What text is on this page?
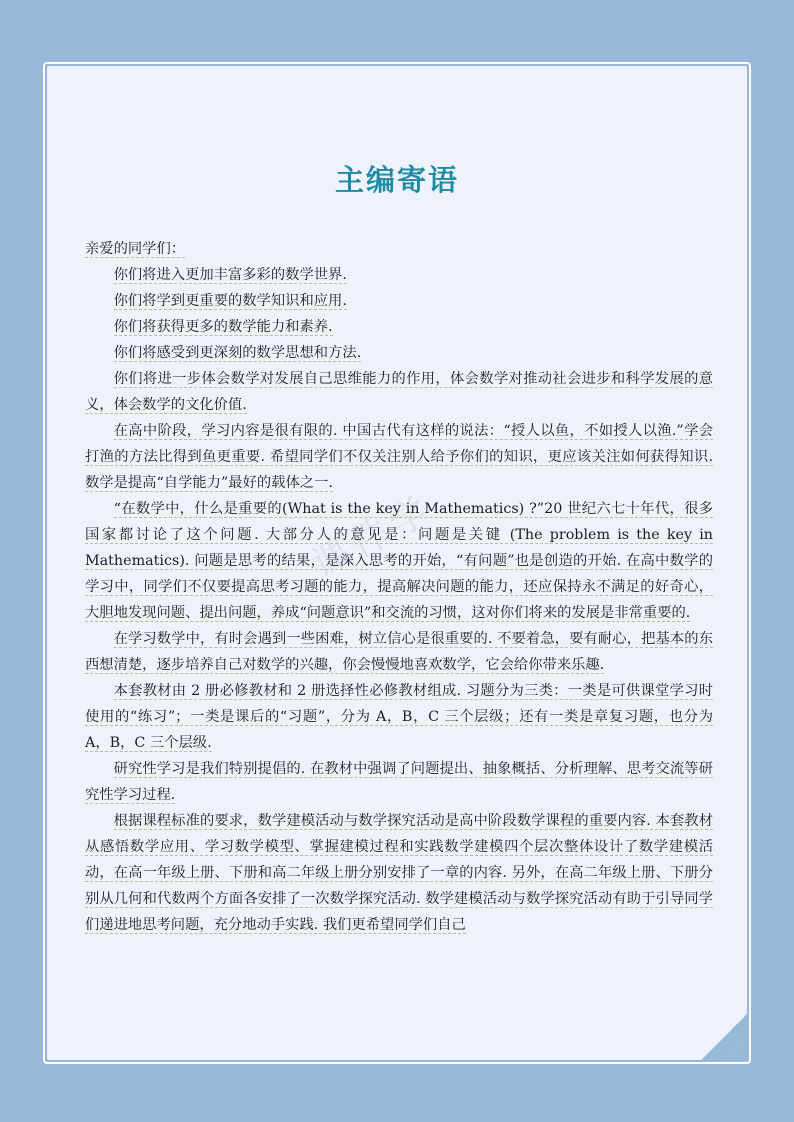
主编寄语

亲爱的同学们：

你们将进入更加丰富多彩的数学世界.

你们将学到更重要的数学知识和应用.

你们将获得更多的数学能力和素养.

你们将感受到更深刻的数学思想和方法.

你们将进一步体会数学对发展自己思维能力的作用，体会数学对推动社会进步和科学发展的意义，体会数学的文化价值.

在高中阶段，学习内容是很有限的. 中国古代有这样的说法：“授人以鱼，不如授人以渔.”学会打渔的方法比得到鱼更重要. 希望同学们不仅关注别人给予你们的知识，更应该关注如何获得知识. 数学是提高“自学能力”最好的载体之一.

“在数学中，什么是重要的(What is the key in Mathematics) ?”20 世纪六七十年代，很多国家都讨论了这个问题. 大部分人的意见是：问题是关键 (The problem is the key in Mathematics). 问题是思考的结果，是深入思考的开始，“有问题”也是创造的开始. 在高中数学的学习中，同学们不仅要提高思考习题的能力，提高解决问题的能力，还应保持永不满足的好奇心，大胆地发现问题、提出问题，养成“问题意识”和交流的习惯，这对你们将来的发展是非常重要的.

在学习数学中，有时会遇到一些困难，树立信心是很重要的. 不要着急，要有耐心，把基本的东西想清楚，逐步培养自己对数学的兴趣，你会慢慢地喜欢数学，它会给你带来乐趣.

本套教材由 2 册必修教材和 2 册选择性必修教材组成. 习题分为三类：一类是可供课堂学习时使用的“练习”；一类是课后的“习题”，分为 A，B，C 三个层级；还有一类是章复习题，也分为 A，B，C 三个层级.

研究性学习是我们特别提倡的. 在教材中强调了问题提出、抽象概括、分析理解、思考交流等研究性学习过程.

根据课程标准的要求，数学建模活动与数学探究活动是高中阶段数学课程的重要内容. 本套教材从感悟数学应用、学习数学模型、掌握建模过程和实践数学建模四个层次整体设计了数学建模活动，在高一年级上册、下册和高二年级上册分别安排了一章的内容. 另外，在高二年级上册、下册分别从几何和代数两个方面各安排了一次数学探究活动. 数学建模活动与数学探究活动有助于引导同学们递进地思考问题，充分地动手实践. 我们更希望同学们自己

课件学
